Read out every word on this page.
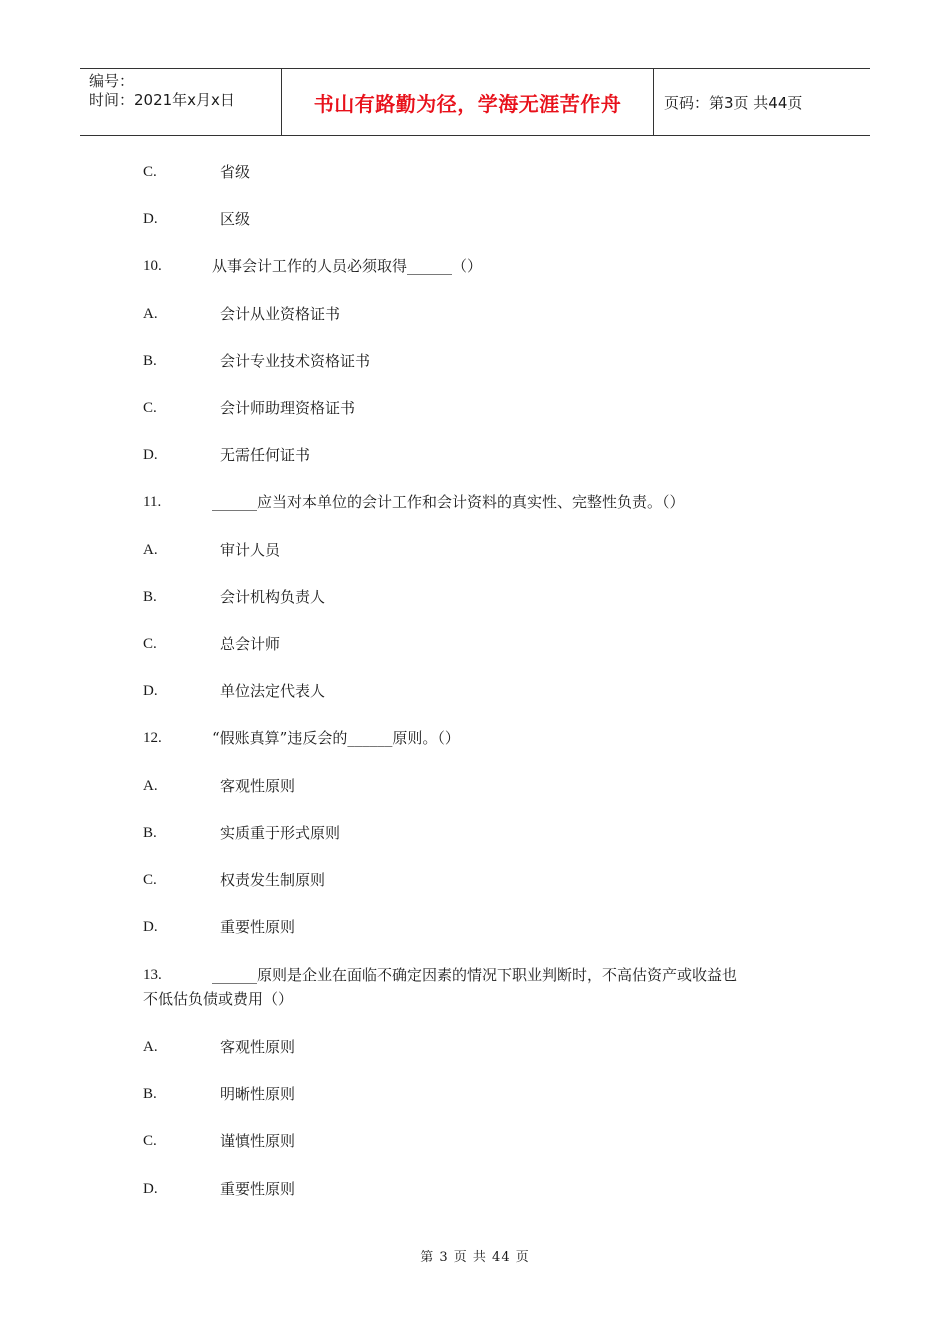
编号：
时间：2021年x月x日	书山有路勤为径，学海无涯苦作舟	页码：第3页 共44页
C.	省级
D.	区级
10.	从事会计工作的人员必须取得______（）
A.	会计从业资格证书
B.	会计专业技术资格证书
C.	会计师助理资格证书
D.	无需任何证书
11.	______应当对本单位的会计工作和会计资料的真实性、完整性负责。（）
A.	审计人员
B.	会计机构负责人
C.	总会计师
D.	单位法定代表人
12.	“假账真算”违反会的______原则。（）
A.	客观性原则
B.	实质重于形式原则
C.	权责发生制原则
D.	重要性原则
13.	______原则是企业在面临不确定因素的情况下职业判断时，不高估资产或收益也
不低估负债或费用（）
A.	客观性原则
B.	明晰性原则
C.	谨慎性原则
D.	重要性原则
第 3 页 共 44 页
